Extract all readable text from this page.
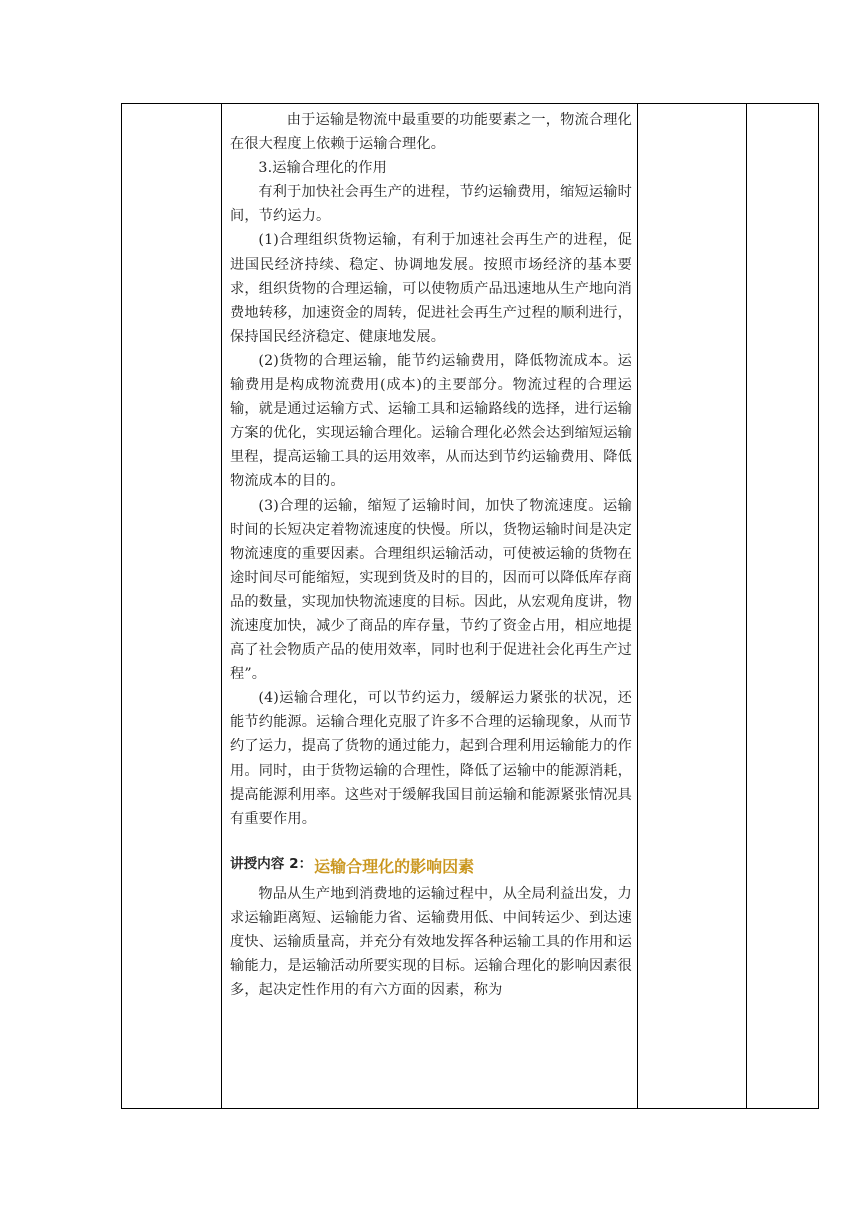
由于运输是物流中最重要的功能要素之一，物流合理化在很大程度上依赖于运输合理化。

3.运输合理化的作用

有利于加快社会再生产的进程，节约运输费用，缩短运输时间，节约运力。

(1)合理组织货物运输，有利于加速社会再生产的进程，促进国民经济持续、稳定、协调地发展。按照市场经济的基本要求，组织货物的合理运输，可以使物质产品迅速地从生产地向消费地转移，加速资金的周转，促进社会再生产过程的顺利进行，保持国民经济稳定、健康地发展。

(2)货物的合理运输，能节约运输费用，降低物流成本。运输费用是构成物流费用(成本)的主要部分。物流过程的合理运输，就是通过运输方式、运输工具和运输路线的选择，进行运输方案的优化，实现运输合理化。运输合理化必然会达到缩短运输里程，提高运输工具的运用效率，从而达到节约运输费用、降低物流成本的目的。

(3)合理的运输，缩短了运输时间，加快了物流速度。运输时间的长短决定着物流速度的快慢。所以，货物运输时间是决定物流速度的重要因素。合理组织运输活动，可使被运输的货物在途时间尽可能缩短，实现到货及时的目的，因而可以降低库存商品的数量，实现加快物流速度的目标。因此，从宏观角度讲，物流速度加快，减少了商品的库存量，节约了资金占用，相应地提高了社会物质产品的使用效率，同时也利于促进社会化再生产过程”。

(4)运输合理化，可以节约运力，缓解运力紧张的状况，还能节约能源。运输合理化克服了许多不合理的运输现象，从而节约了运力，提高了货物的通过能力，起到合理利用运输能力的作用。同时，由于货物运输的合理性，降低了运输中的能源消耗，提高能源利用率。这些对于缓解我国目前运输和能源紧张情况具有重要作用。

讲授内容 2： 运输合理化的影响因素

物品从生产地到消费地的运输过程中，从全局利益出发，力求运输距离短、运输能力省、运输费用低、中间转运少、到达速度快、运输质量高，并充分有效地发挥各种运输工具的作用和运输能力，是运输活动所要实现的目标。运输合理化的影响因素很多，起决定性作用的有六方面的因素，称为
